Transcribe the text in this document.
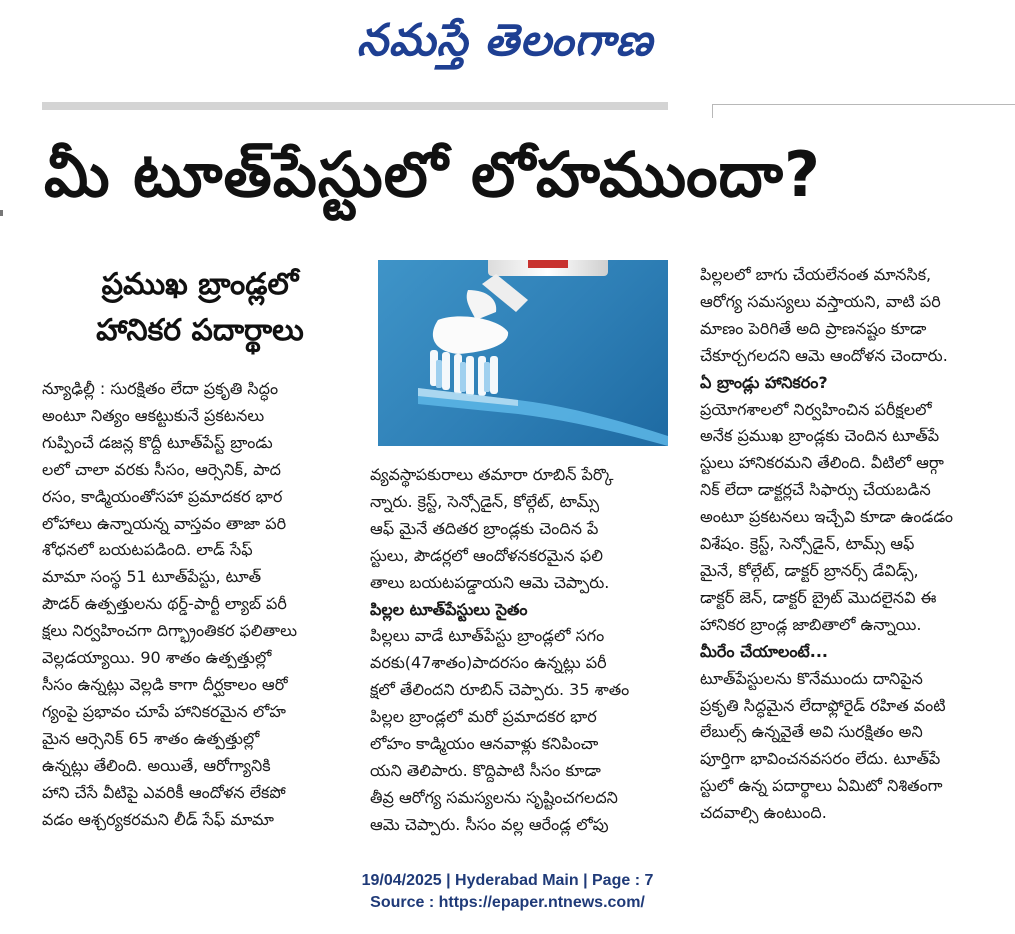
నమస్తే తెలంగాణ
మీ టూత్‌పేస్టులో లోహముందా?
ప్రముఖ బ్రాండ్లలో
హానికర పదార్థాలు

న్యూఢిల్లీ : సురక్షితం లేదా ప్రకృతి సిద్ధం
అంటూ నిత్యం ఆకట్టుకునే ప్రకటనలు
గుప్పించే డజన్ల కొద్దీ టూత్‌పేస్ట్ బ్రాండు
లలో చాలా వరకు సీసం, ఆర్సెనిక్, పాద
రసం, కాడ్మియంతోసహా ప్రమాదకర భార
లోహాలు ఉన్నాయన్న వాస్తవం తాజా పరి
శోధనలో బయటపడింది. లాడ్ సేఫ్
మామా సంస్థ 51 టూత్‌పేస్టు, టూత్
పౌడర్ ఉత్పత్తులను థర్డ్-పార్టీ ల్యాబ్ పరీ
క్షలు నిర్వహించగా దిగ్భ్రాంతికర ఫలితాలు
వెల్లడయ్యాయి. 90 శాతం ఉత్పత్తుల్లో
సీసం ఉన్నట్లు వెల్లడి కాగా దీర్ఘకాలం ఆరో
గ్యంపై ప్రభావం చూపే హానికరమైన లోహ
మైన ఆర్సెనిక్ 65 శాతం ఉత్పత్తుల్లో
ఉన్నట్లు తేలింది. అయితే, ఆరోగ్యానికి
హాని చేసే వీటిపై ఎవరికీ ఆందోళన లేకపో
వడం ఆశ్చర్యకరమని లీడ్ సేఫ్ మామా

వ్యవస్థాపకురాలు తమారా రూబిన్ పేర్కొ
న్నారు. క్రెస్ట్, సెన్సోడైన్, కోల్గేట్, టామ్స్
ఆఫ్ మైనే తదితర బ్రాండ్లకు చెందిన పే
స్టులు, పౌడర్లలో ఆందోళనకరమైన ఫలి
తాలు బయటపడ్డాయని ఆమె చెప్పారు.

పిల్లల టూత్‌పేస్టులు సైతం

పిల్లలు వాడే టూత్‌పేస్టు బ్రాండ్లలో సగం
వరకు(47శాతం)పాదరసం ఉన్నట్లు పరీ
క్షలో తేలిందని రూబిన్ చెప్పారు. 35 శాతం
పిల్లల బ్రాండ్లలో మరో ప్రమాదకర భార
లోహం కాడ్మియం ఆనవాళ్లు కనిపించా
యని తెలిపారు. కొద్దిపాటి సీసం కూడా
తీవ్ర ఆరోగ్య సమస్యలను సృష్టించగలదని
ఆమె చెప్పారు. సీసం వల్ల ఆరేండ్ల లోపు

పిల్లలలో బాగు చేయలేనంత మానసిక,
ఆరోగ్య సమస్యలు వస్తాయని, వాటి పరి
మాణం పెరిగితే అది ప్రాణనష్టం కూడా
చేకూర్చగలదని ఆమె ఆందోళన చెందారు.

ఏ బ్రాండ్లు హానికరం?

ప్రయోగశాలలో నిర్వహించిన పరీక్షలలో
అనేక ప్రముఖ బ్రాండ్లకు చెందిన టూత్‌పే
స్టులు హానికరమని తేలింది. వీటిలో ఆర్గా
నిక్ లేదా డాక్టర్లచే సిఫార్సు చేయబడిన
అంటూ ప్రకటనలు ఇచ్చేవి కూడా ఉండడం
విశేషం. క్రెస్ట్, సెన్సోడైన్, టామ్స్ ఆఫ్
మైనే, కోల్గేట్, డాక్టర్ బ్రానర్స్ డేవిడ్స్,
డాక్టర్ జెన్, డాక్టర్ బ్రైట్ మొదలైనవి ఈ
హానికర బ్రాండ్ల జాబితాలో ఉన్నాయి.

మీరేం చేయాలంటే...

టూత్‌పేస్టులను కొనేముందు దానిపైన
ప్రకృతి సిద్ధమైన లేదాఫ్లోరైడ్ రహిత వంటి
లేబుల్స్ ఉన్నవైతే అవి సురక్షితం అని
పూర్తిగా భావించనవసరం లేదు. టూత్‌పే
స్టులో ఉన్న పదార్థాలు ఏమిటో నిశితంగా
చదవాల్సి ఉంటుంది.

19/04/2025 | Hyderabad Main | Page : 7
Source : https://epaper.ntnews.com/
